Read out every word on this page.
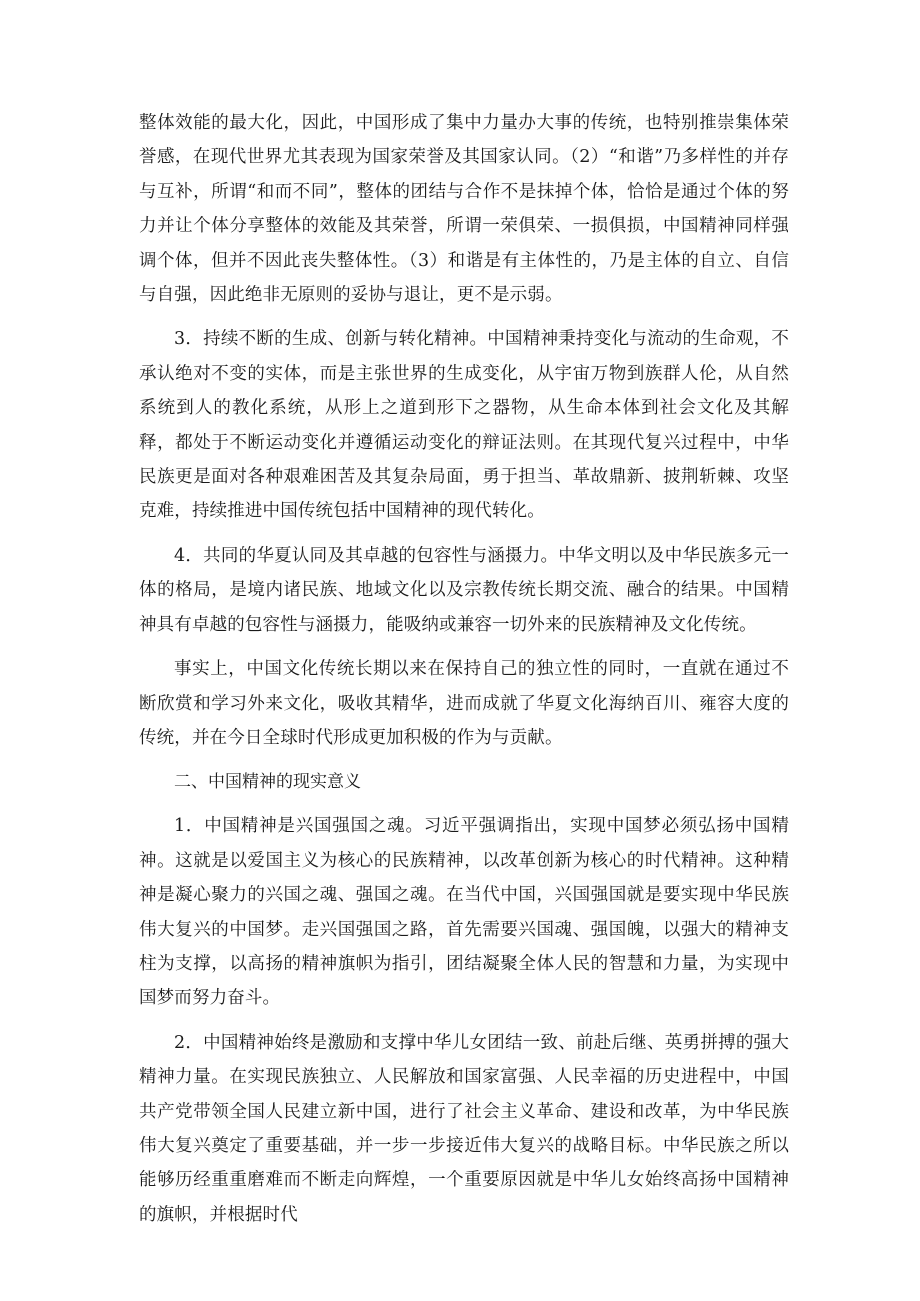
整体效能的最大化，因此，中国形成了集中力量办大事的传统，也特别推崇集体荣誉感，在现代世界尤其表现为国家荣誉及其国家认同。（2）“和谐”乃多样性的并存与互补，所谓“和而不同”，整体的团结与合作不是抹掉个体，恰恰是通过个体的努力并让个体分享整体的效能及其荣誉，所谓一荣俱荣、一损俱损，中国精神同样强调个体，但并不因此丧失整体性。（3）和谐是有主体性的，乃是主体的自立、自信与自强，因此绝非无原则的妥协与退让，更不是示弱。

3．持续不断的生成、创新与转化精神。中国精神秉持变化与流动的生命观，不承认绝对不变的实体，而是主张世界的生成变化，从宇宙万物到族群人伦，从自然系统到人的教化系统，从形上之道到形下之器物，从生命本体到社会文化及其解释，都处于不断运动变化并遵循运动变化的辩证法则。在其现代复兴过程中，中华民族更是面对各种艰难困苦及其复杂局面，勇于担当、革故鼎新、披荆斩棘、攻坚克难，持续推进中国传统包括中国精神的现代转化。

4．共同的华夏认同及其卓越的包容性与涵摄力。中华文明以及中华民族多元一体的格局，是境内诸民族、地域文化以及宗教传统长期交流、融合的结果。中国精神具有卓越的包容性与涵摄力，能吸纳或兼容一切外来的民族精神及文化传统。

事实上，中国文化传统长期以来在保持自己的独立性的同时，一直就在通过不断欣赏和学习外来文化，吸收其精华，进而成就了华夏文化海纳百川、雍容大度的传统，并在今日全球时代形成更加积极的作为与贡献。

二、中国精神的现实意义

1．中国精神是兴国强国之魂。习近平强调指出，实现中国梦必须弘扬中国精神。这就是以爱国主义为核心的民族精神，以改革创新为核心的时代精神。这种精神是凝心聚力的兴国之魂、强国之魂。在当代中国，兴国强国就是要实现中华民族伟大复兴的中国梦。走兴国强国之路，首先需要兴国魂、强国魄，以强大的精神支柱为支撑，以高扬的精神旗帜为指引，团结凝聚全体人民的智慧和力量，为实现中国梦而努力奋斗。

2．中国精神始终是激励和支撑中华儿女团结一致、前赴后继、英勇拼搏的强大精神力量。在实现民族独立、人民解放和国家富强、人民幸福的历史进程中，中国共产党带领全国人民建立新中国，进行了社会主义革命、建设和改革，为中华民族伟大复兴奠定了重要基础，并一步一步接近伟大复兴的战略目标。中华民族之所以能够历经重重磨难而不断走向辉煌，一个重要原因就是中华儿女始终高扬中国精神的旗帜，并根据时代
